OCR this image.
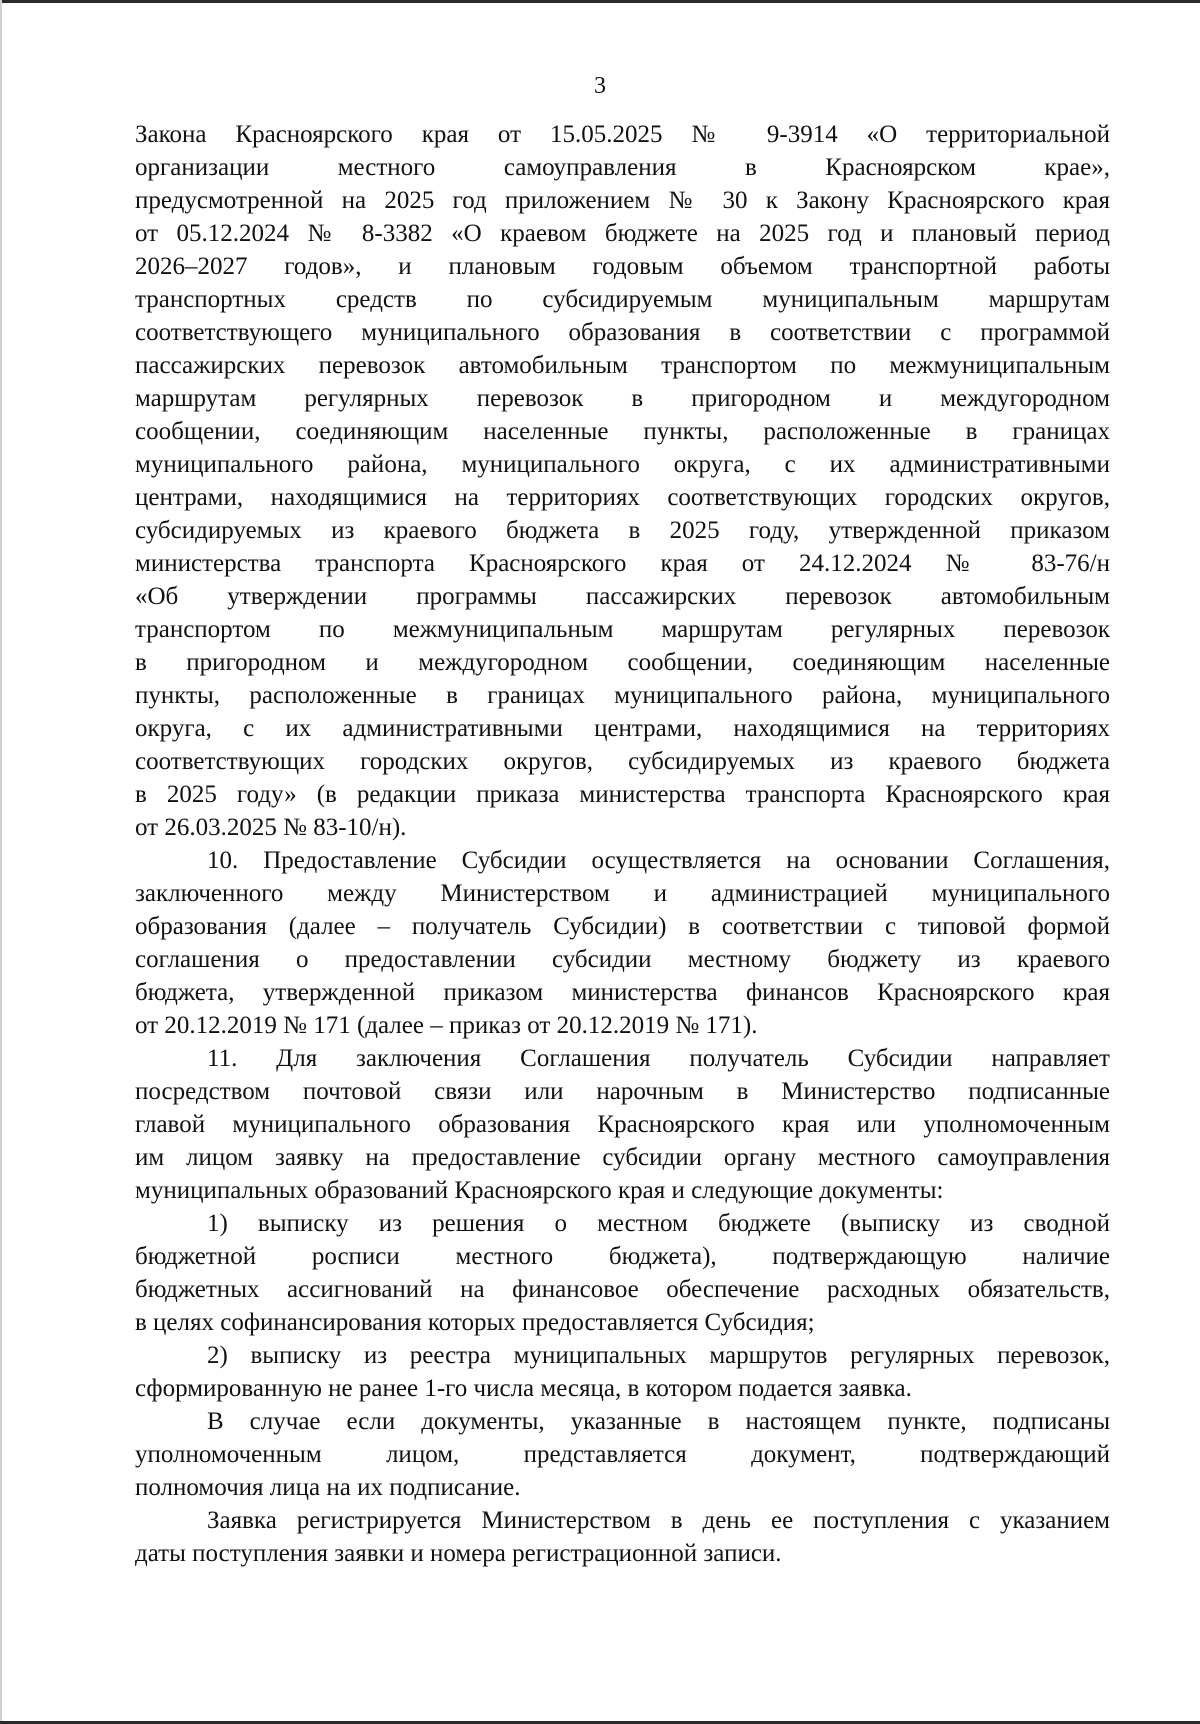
3
Закона Красноярского края от 15.05.2025 № 9-3914 «О территориальной
организации местного самоуправления в Красноярском крае»,
предусмотренной на 2025 год приложением № 30 к Закону Красноярского края
от 05.12.2024 № 8-3382 «О краевом бюджете на 2025 год и плановый период
2026–2027 годов», и плановым годовым объемом транспортной работы
транспортных средств по субсидируемым муниципальным маршрутам
соответствующего муниципального образования в соответствии с программой
пассажирских перевозок автомобильным транспортом по межмуниципальным
маршрутам регулярных перевозок в пригородном и междугородном
сообщении, соединяющим населенные пункты, расположенные в границах
муниципального района, муниципального округа, с их административными
центрами, находящимися на территориях соответствующих городских округов,
субсидируемых из краевого бюджета в 2025 году, утвержденной приказом
министерства транспорта Красноярского края от 24.12.2024 № 83-76/н
«Об утверждении программы пассажирских перевозок автомобильным
транспортом по межмуниципальным маршрутам регулярных перевозок
в пригородном и междугородном сообщении, соединяющим населенные
пункты, расположенные в границах муниципального района, муниципального
округа, с их административными центрами, находящимися на территориях
соответствующих городских округов, субсидируемых из краевого бюджета
в 2025 году» (в редакции приказа министерства транспорта Красноярского края
от 26.03.2025 № 83-10/н).
10. Предоставление Субсидии осуществляется на основании Соглашения,
заключенного между Министерством и администрацией муниципального
образования (далее – получатель Субсидии) в соответствии с типовой формой
соглашения о предоставлении субсидии местному бюджету из краевого
бюджета, утвержденной приказом министерства финансов Красноярского края
от 20.12.2019 № 171 (далее – приказ от 20.12.2019 № 171).
11. Для заключения Соглашения получатель Субсидии направляет
посредством почтовой связи или нарочным в Министерство подписанные
главой муниципального образования Красноярского края или уполномоченным
им лицом заявку на предоставление субсидии органу местного самоуправления
муниципальных образований Красноярского края и следующие документы:
1) выписку из решения о местном бюджете (выписку из сводной
бюджетной росписи местного бюджета), подтверждающую наличие
бюджетных ассигнований на финансовое обеспечение расходных обязательств,
в целях софинансирования которых предоставляется Субсидия;
2) выписку из реестра муниципальных маршрутов регулярных перевозок,
сформированную не ранее 1-го числа месяца, в котором подается заявка.
В случае если документы, указанные в настоящем пункте, подписаны
уполномоченным лицом, представляется документ, подтверждающий
полномочия лица на их подписание.
Заявка регистрируется Министерством в день ее поступления с указанием
даты поступления заявки и номера регистрационной записи.
